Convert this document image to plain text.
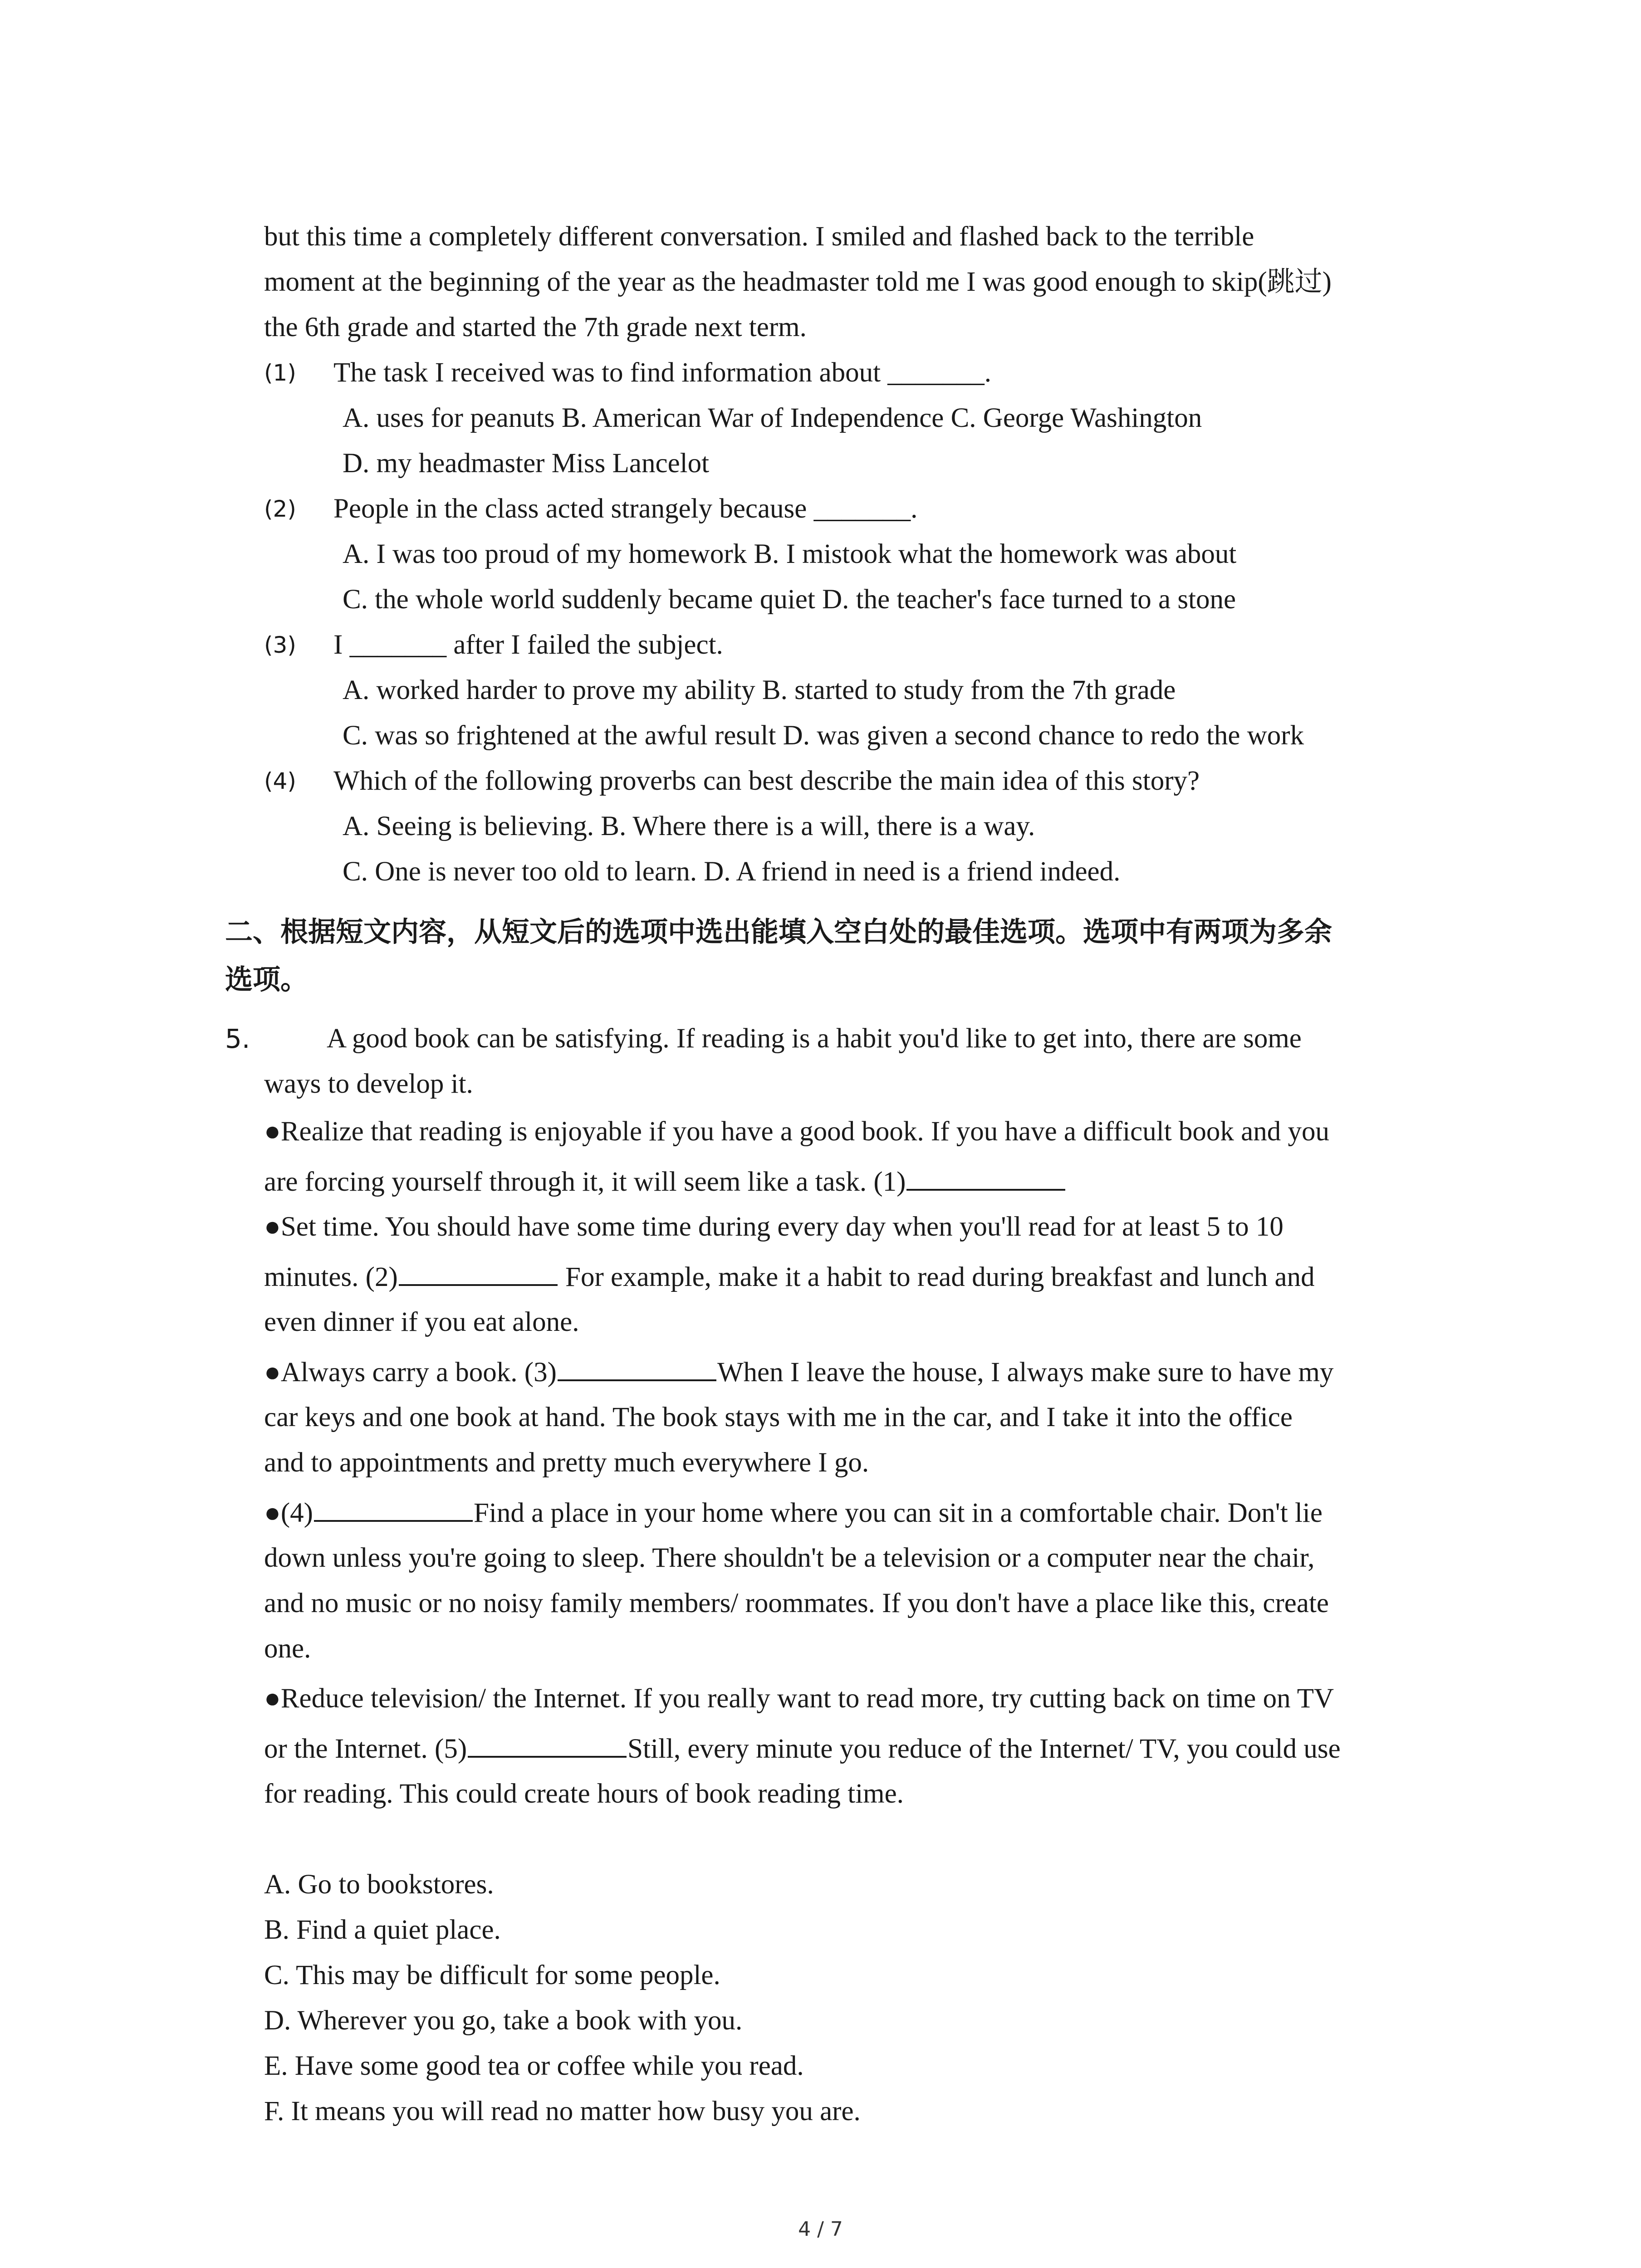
but this time a completely different conversation. I smiled and flashed back to the terrible
moment at the beginning of the year as the headmaster told me I was good enough to skip(跳过)
the 6th grade and started the 7th grade next term.
(1) The task I received was to find information about _______.
A. uses for peanuts B. American War of Independence C. George Washington
D. my headmaster Miss Lancelot
(2) People in the class acted strangely because _______.
A. I was too proud of my homework B. I mistook what the homework was about
C. the whole world suddenly became quiet D. the teacher's face turned to a stone
(3) I _______ after I failed the subject.
A. worked harder to prove my ability B. started to study from the 7th grade
C. was so frightened at the awful result D. was given a second chance to redo the work
(4) Which of the following proverbs can best describe the main idea of this story?
A. Seeing is believing. B. Where there is a will, there is a way.
C. One is never too old to learn. D. A friend in need is a friend indeed.
二、根据短文内容，从短文后的选项中选出能填入空白处的最佳选项。选项中有两项为多余
选项。
5.	A good book can be satisfying. If reading is a habit you'd like to get into, there are some
ways to develop it.
●Realize that reading is enjoyable if you have a good book. If you have a difficult book and you
are forcing yourself through it, it will seem like a task. (1)
●Set time. You should have some time during every day when you'll read for at least 5 to 10
minutes. (2)	For example, make it a habit to read during breakfast and lunch and
even dinner if you eat alone.
●Always carry a book. (3)	When I leave the house, I always make sure to have my
car keys and one book at hand. The book stays with me in the car, and I take it into the office
and to appointments and pretty much everywhere I go.
●(4)	Find a place in your home where you can sit in a comfortable chair. Don't lie
down unless you're going to sleep. There shouldn't be a television or a computer near the chair,
and no music or no noisy family members/ roommates. If you don't have a place like this, create
one.
●Reduce television/ the Internet. If you really want to read more, try cutting back on time on TV
or the Internet. (5)	Still, every minute you reduce of the Internet/ TV, you could use
for reading. This could create hours of book reading time.
A. Go to bookstores.
B. Find a quiet place.
C. This may be difficult for some people.
D. Wherever you go, take a book with you.
E. Have some good tea or coffee while you read.
F. It means you will read no matter how busy you are.
4 / 7
